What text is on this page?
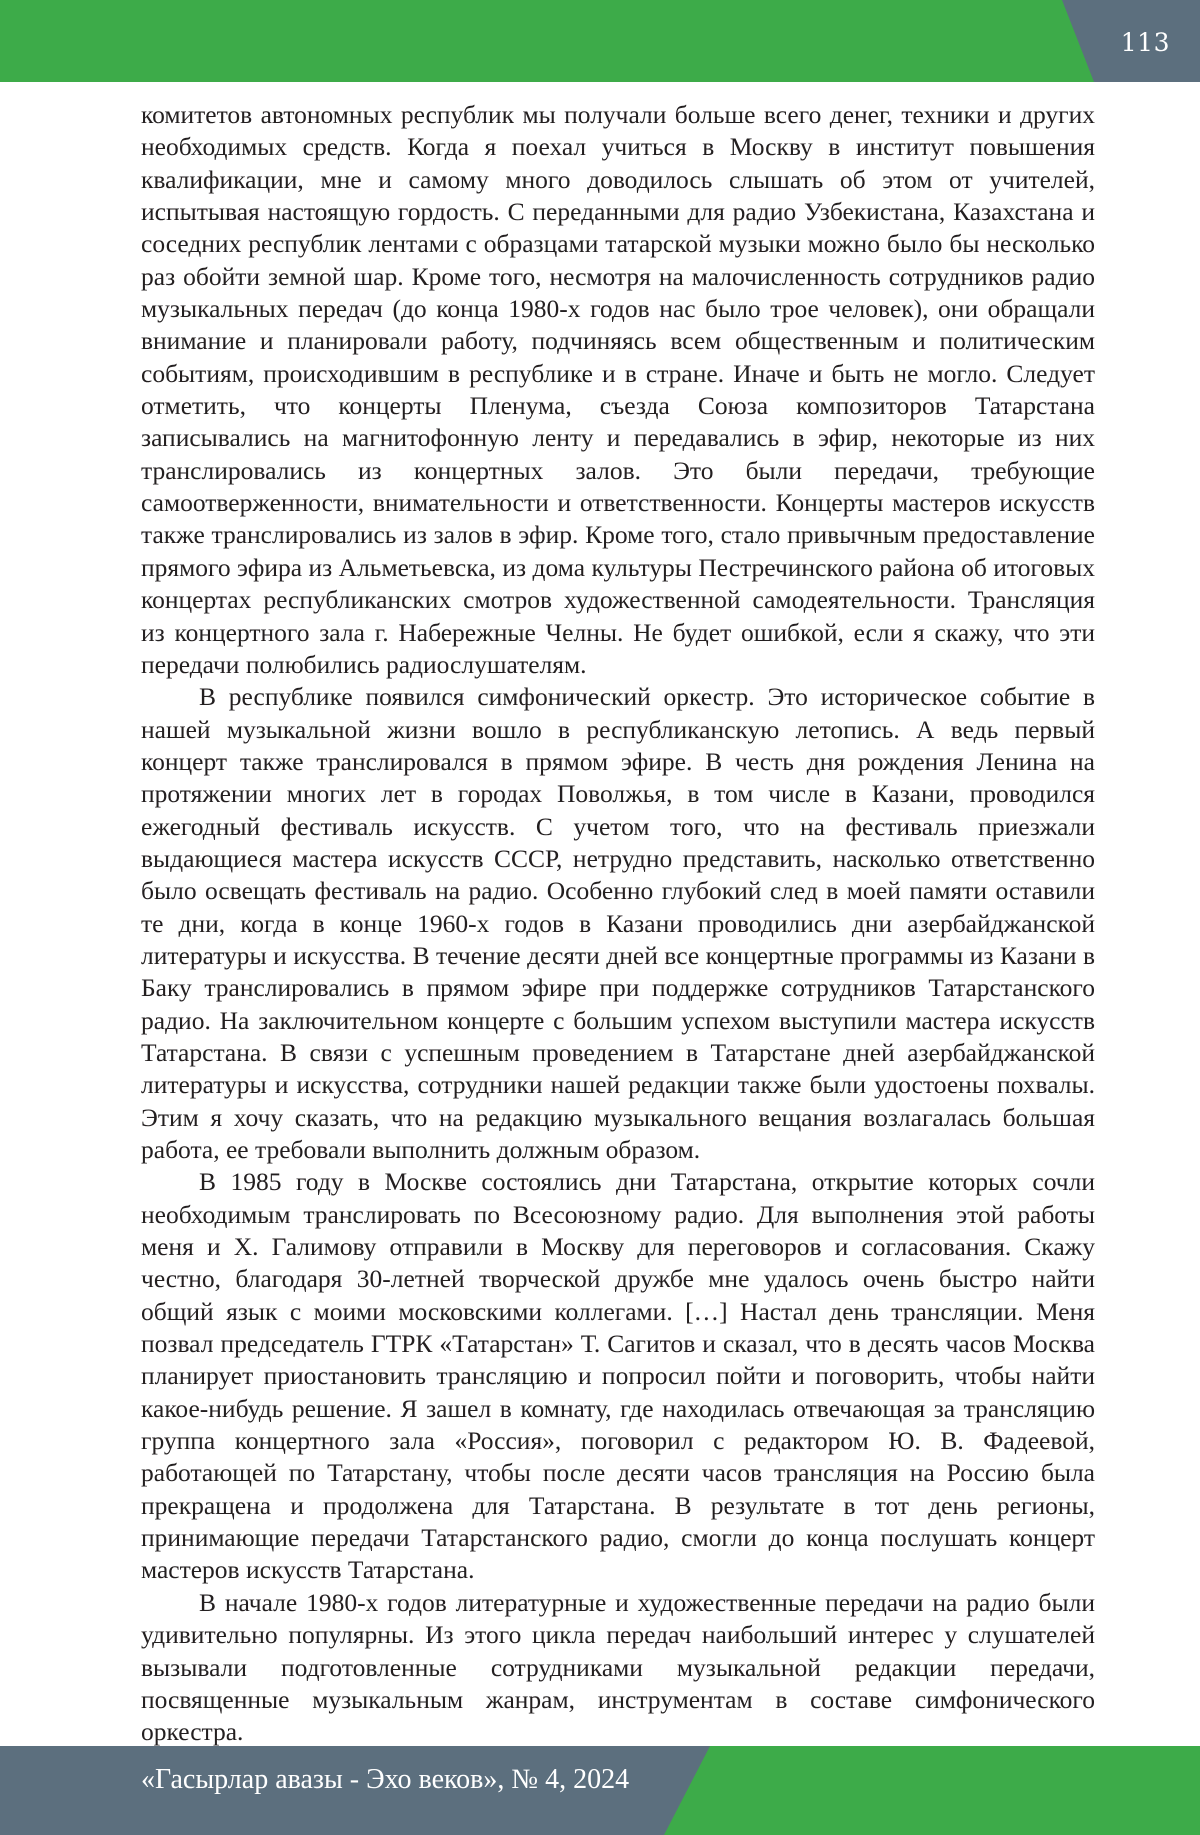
113

комитетов автономных республик мы получали больше всего денег, техники и других необходимых средств. Когда я поехал учиться в Москву в институт повышения квалификации, мне и самому много доводилось слышать об этом от учителей, испытывая настоящую гордость. С переданными для радио Узбекистана, Казахстана и соседних республик лентами с образцами татарской музыки можно было бы несколько раз обойти земной шар. Кроме того, несмотря на малочисленность сотрудников радио музыкальных передач (до конца 1980-х годов нас было трое человек), они обращали внимание и планировали работу, подчиняясь всем общественным и политическим событиям, происходившим в республике и в стране. Иначе и быть не могло. Следует отметить, что концерты Пленума, съезда Союза композиторов Татарстана записывались на магнитофонную ленту и передавались в эфир, некоторые из них транслировались из концертных залов. Это были передачи, требующие самоотверженности, внимательности и ответственности. Концерты мастеров искусств также транслировались из залов в эфир. Кроме того, стало привычным предоставление прямого эфира из Альметьевска, из дома культуры Пестречинского района об итоговых концертах республиканских смотров художественной самодеятельности. Трансляция из концертного зала г. Набережные Челны. Не будет ошибкой, если я скажу, что эти передачи полюбились радиослушателям.

В республике появился симфонический оркестр. Это историческое событие в нашей музыкальной жизни вошло в республиканскую летопись. А ведь первый концерт также транслировался в прямом эфире. В честь дня рождения Ленина на протяжении многих лет в городах Поволжья, в том числе в Казани, проводился ежегодный фестиваль искусств. С учетом того, что на фестиваль приезжали выдающиеся мастера искусств СССР, нетрудно представить, насколько ответственно было освещать фестиваль на радио. Особенно глубокий след в моей памяти оставили те дни, когда в конце 1960-х годов в Казани проводились дни азербайджанской литературы и искусства. В течение десяти дней все концертные программы из Казани в Баку транслировались в прямом эфире при поддержке сотрудников Татарстанского радио. На заключительном концерте с большим успехом выступили мастера искусств Татарстана. В связи с успешным проведением в Татарстане дней азербайджанской литературы и искусства, сотрудники нашей редакции также были удостоены похвалы. Этим я хочу сказать, что на редакцию музыкального вещания возлагалась большая работа, ее требовали выполнить должным образом.

В 1985 году в Москве состоялись дни Татарстана, открытие которых сочли необходимым транслировать по Всесоюзному радио. Для выполнения этой работы меня и Х. Галимову отправили в Москву для переговоров и согласования. Скажу честно, благодаря 30-летней творческой дружбе мне удалось очень быстро найти общий язык с моими московскими коллегами. […] Настал день трансляции. Меня позвал председатель ГТРК «Татарстан» Т. Сагитов и сказал, что в десять часов Москва планирует приостановить трансляцию и попросил пойти и поговорить, чтобы найти какое-нибудь решение. Я зашел в комнату, где находилась отвечающая за трансляцию группа концертного зала «Россия», поговорил с редактором Ю. В. Фадеевой, работающей по Татарстану, чтобы после десяти часов трансляция на Россию была прекращена и продолжена для Татарстана. В результате в тот день регионы, принимающие передачи Татарстанского радио, смогли до конца послушать концерт мастеров искусств Татарстана.

В начале 1980-х годов литературные и художественные передачи на радио были удивительно популярны. Из этого цикла передач наибольший интерес у слушателей вызывали подготовленные сотрудниками музыкальной редакции передачи, посвященные музыкальным жанрам, инструментам в составе симфонического оркестра.

«Гасырлар авазы - Эхо веков», № 4, 2024
